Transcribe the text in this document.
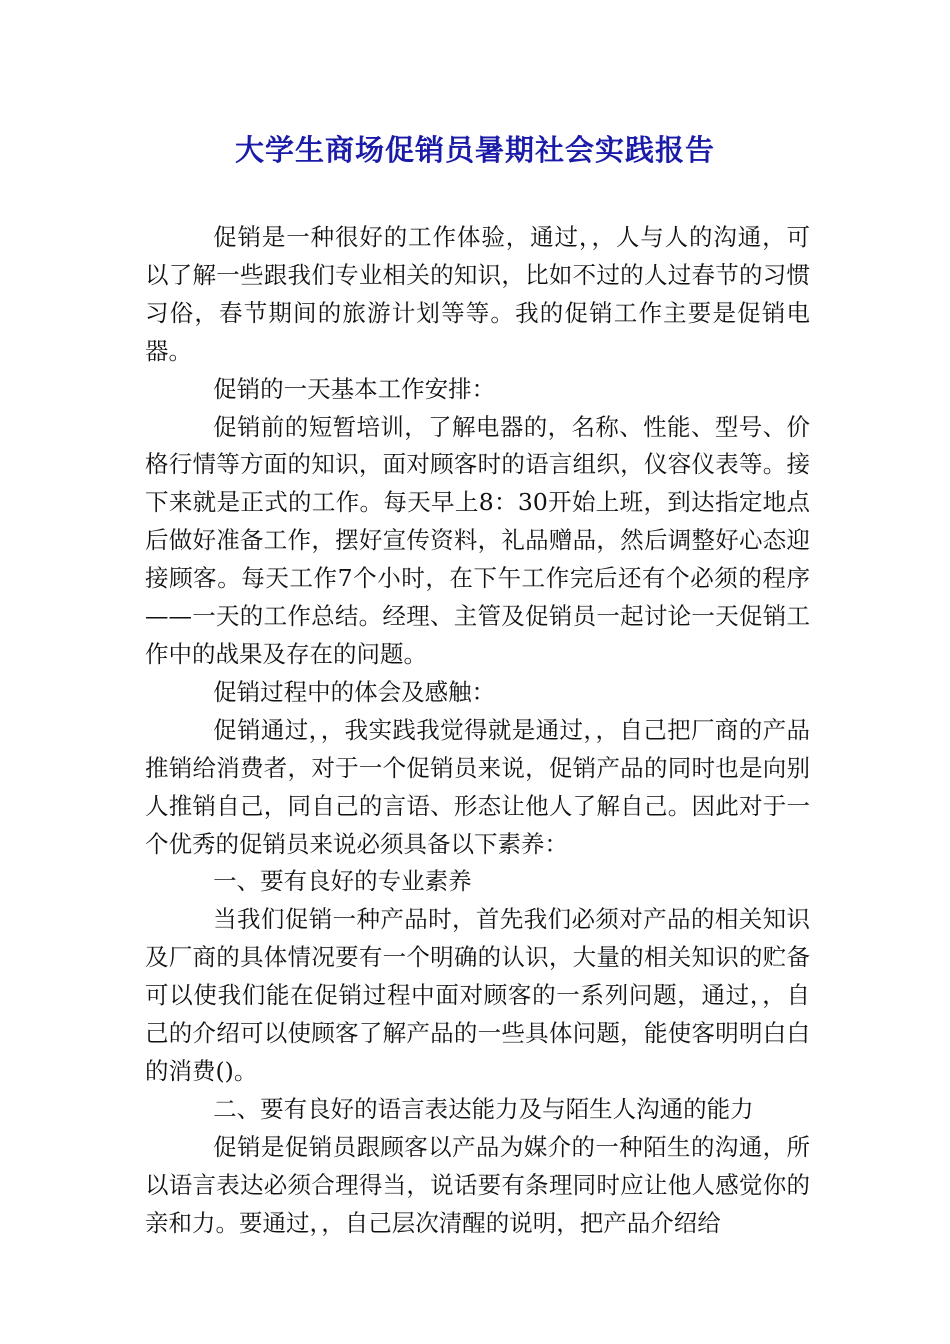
大学生商场促销员暑期社会实践报告

促销是一种很好的工作体验，通过，，人与人的沟通，可以了解一些跟我们专业相关的知识，比如不过的人过春节的习惯习俗，春节期间的旅游计划等等。我的促销工作主要是促销电器。

促销的一天基本工作安排：

促销前的短暂培训，了解电器的，名称、性能、型号、价格行情等方面的知识，面对顾客时的语言组织，仪容仪表等。接下来就是正式的工作。每天早上8：30开始上班，到达指定地点后做好准备工作，摆好宣传资料，礼品赠品，然后调整好心态迎接顾客。每天工作7个小时，在下午工作完后还有个必须的程序——一天的工作总结。经理、主管及促销员一起讨论一天促销工作中的战果及存在的问题。

促销过程中的体会及感触：

促销通过，，我实践我觉得就是通过，，自己把厂商的产品推销给消费者，对于一个促销员来说，促销产品的同时也是向别人推销自己，同自己的言语、形态让他人了解自己。因此对于一个优秀的促销员来说必须具备以下素养：

一、要有良好的专业素养

当我们促销一种产品时，首先我们必须对产品的相关知识及厂商的具体情况要有一个明确的认识，大量的相关知识的贮备可以使我们能在促销过程中面对顾客的一系列问题，通过，，自己的介绍可以使顾客了解产品的一些具体问题，能使客明明白白的消费()。

二、要有良好的语言表达能力及与陌生人沟通的能力

促销是促销员跟顾客以产品为媒介的一种陌生的沟通，所以语言表达必须合理得当，说话要有条理同时应让他人感觉你的亲和力。要通过，，自己层次清醒的说明，把产品介绍给
